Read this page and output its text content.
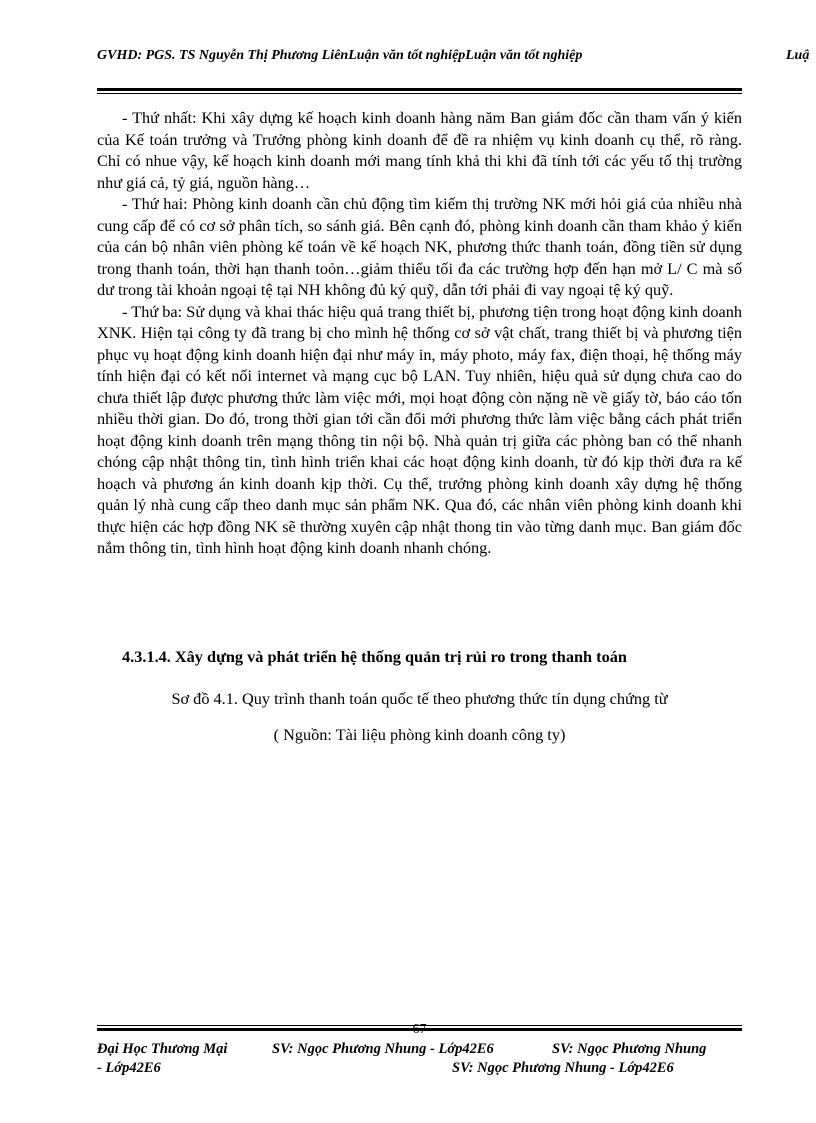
GVHD: PGS. TS Nguyễn Thị Phương LiênLuận văn tốt nghiệpLuận văn tốt nghiệp	Luậ

- Thứ nhất: Khi xây dựng kế hoạch kinh doanh hàng năm Ban giám đốc cần tham vấn ý kiến của Kế toán trưởng và Trưởng phòng kinh doanh để đề ra nhiệm vụ kinh doanh cụ thể, rõ ràng. Chỉ có nhue vậy, kế hoạch kinh doanh mới mang tính khả thi khi đã tính tới các yếu tố thị trường như giá cả, tỷ giá, nguồn hàng…

- Thứ hai: Phòng kinh doanh cần chủ động tìm kiếm thị trường NK mới hỏi giá của nhiều nhà cung cấp để có cơ sở phân tích, so sánh giá. Bên cạnh đó, phòng kinh doanh cần tham khảo ý kiến của cán bộ nhân viên phòng kế toán về kế hoạch NK, phương thức thanh toán, đồng tiền sử dụng trong thanh toán, thời hạn thanh toỏn…giảm thiểu tối đa các trường hợp đến hạn mở L/ C mà số dư trong tài khoản ngoại tệ tại NH không đủ ký quỹ, dẫn tới phải đi vay ngoại tệ ký quỹ.

- Thứ ba: Sử dụng và khai thác hiệu quả trang thiết bị, phương tiện trong hoạt động kinh doanh XNK. Hiện tại công ty đã trang bị cho mình hệ thống cơ sở vật chất, trang thiết bị và phương tiện phục vụ hoạt động kinh doanh hiện đại như máy in, máy photo, máy fax, điện thoại, hệ thống máy tính hiện đại có kết nối internet và mạng cục bộ LAN. Tuy nhiên, hiệu quả sử dụng chưa cao do chưa thiết lập được phương thức làm việc mới, mọi hoạt động còn nặng nề về giấy tờ, báo cáo tốn nhiều thời gian. Do đó, trong thời gian tới cần đổi mới phương thức làm việc bằng cách phát triển hoạt động kinh doanh trên mạng thông tin nội bộ. Nhà quản trị giữa các phòng ban có thể nhanh chóng cập nhật thông tin, tình hình triển khai các hoạt động kinh doanh, từ đó kịp thời đưa ra kế hoạch và phương án kinh doanh kịp thời. Cụ thể, trưởng phòng kinh doanh xây dựng hệ thống quản lý nhà cung cấp theo danh mục sản phẩm NK. Qua đó, các nhân viên phòng kinh doanh khi thực hiện các hợp đồng NK sẽ thường xuyên cập nhật thong tin vào từng danh mục. Ban giám đốc nắm thông tin, tình hình hoạt động kinh doanh nhanh chóng.

4.3.1.4. Xây dựng và phát triển hệ thống quản trị rủi ro trong thanh toán
Sơ đồ 4.1. Quy trình thanh toán quốc tế theo phương thức tín dụng chứng từ
( Nguồn: Tài liệu phòng kinh doanh công ty)
67
Đại Học Thương Mại	SV: Ngọc Phương Nhung - Lớp42E6	SV: Ngọc Phương Nhung
- Lớp42E6	SV: Ngọc Phương Nhung - Lớp42E6
